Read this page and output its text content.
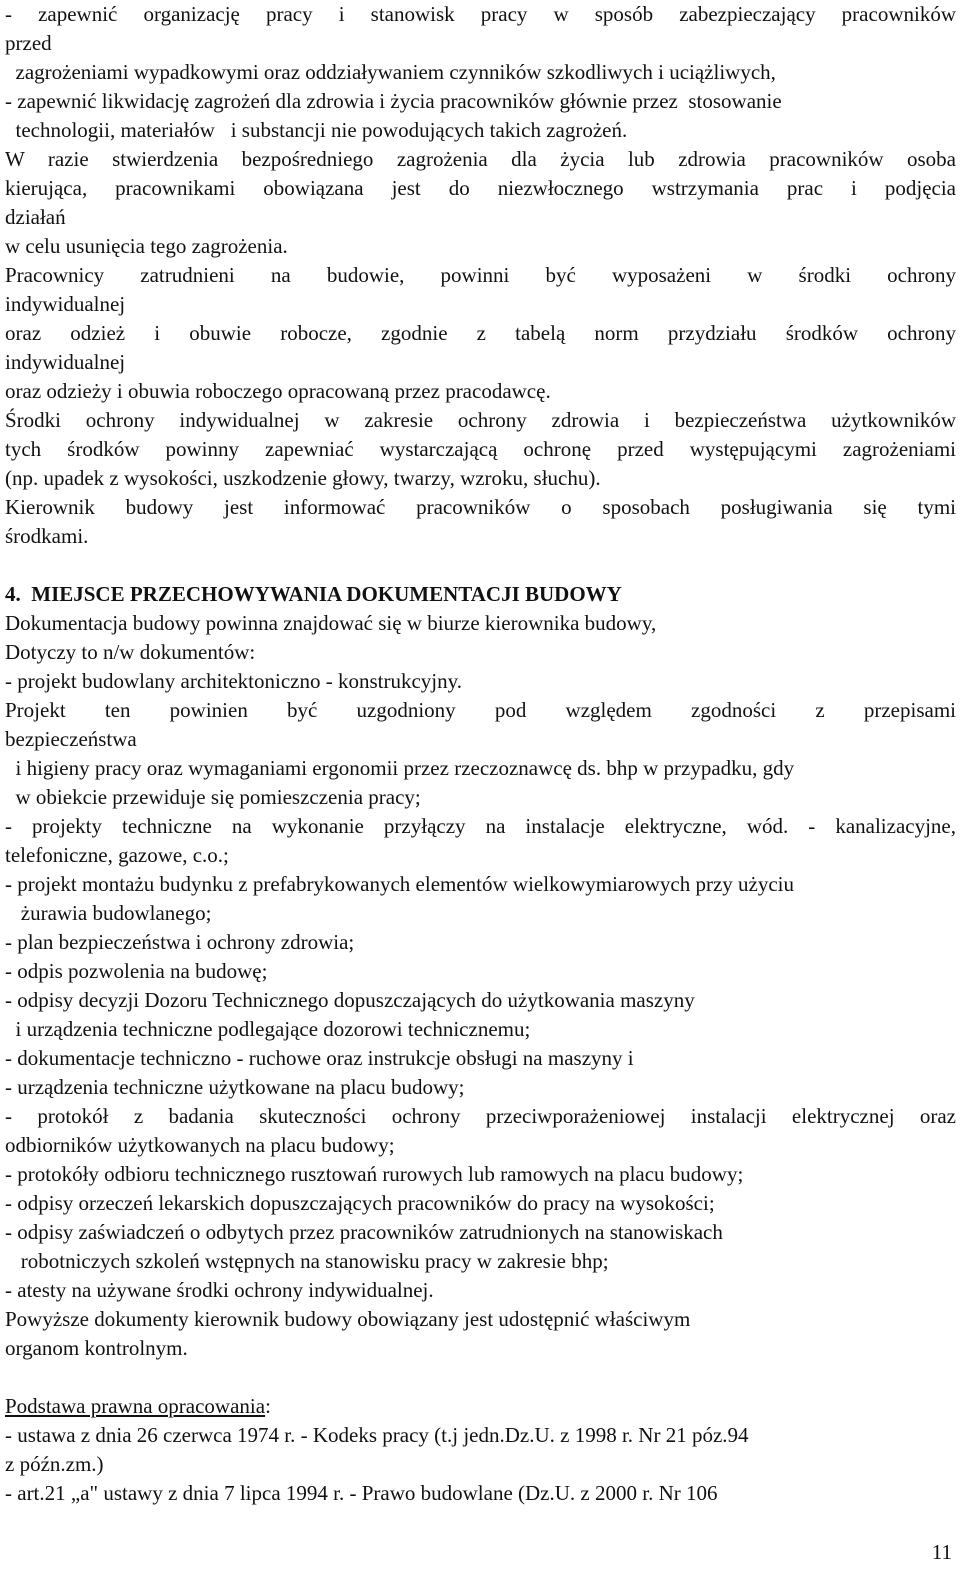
- zapewnić organizację pracy i stanowisk pracy w sposób zabezpieczający pracowników
przed
zagrożeniami wypadkowymi oraz oddziaływaniem czynników szkodliwych i uciążliwych,
- zapewnić likwidację zagrożeń dla zdrowia i życia pracowników głównie przez  stosowanie
technologii, materiałów   i substancji nie powodujących takich zagrożeń.
W razie stwierdzenia bezpośredniego zagrożenia dla życia lub zdrowia pracowników osoba
kierująca, pracownikami obowiązana jest do niezwłocznego wstrzymania prac i podjęcia
działań
w celu usunięcia tego zagrożenia.
Pracownicy zatrudnieni na budowie, powinni być wyposażeni w środki ochrony
indywidualnej
oraz odzież i obuwie robocze, zgodnie z tabelą norm przydziału środków ochrony
indywidualnej
oraz odzieży i obuwia roboczego opracowaną przez pracodawcę.
Środki ochrony indywidualnej w zakresie ochrony zdrowia i bezpieczeństwa użytkowników
tych środków powinny zapewniać wystarczającą ochronę przed występującymi zagrożeniami
(np. upadek z wysokości, uszkodzenie głowy, twarzy, wzroku, słuchu).
Kierownik budowy jest informować pracowników o sposobach posługiwania się tymi
środkami.
4.  MIEJSCE PRZECHOWYWANIA DOKUMENTACJI BUDOWY
Dokumentacja budowy powinna znajdować się w biurze kierownika budowy,
Dotyczy to n/w dokumentów:
- projekt budowlany architektoniczno - konstrukcyjny.
Projekt ten powinien być uzgodniony pod względem zgodności z przepisami
bezpieczeństwa
i higieny pracy oraz wymaganiami ergonomii przez rzeczoznawcę ds. bhp w przypadku, gdy
w obiekcie przewiduje się pomieszczenia pracy;
- projekty techniczne na wykonanie przyłączy na instalacje elektryczne, wód. - kanalizacyjne,
telefoniczne, gazowe, c.o.;
- projekt montażu budynku z prefabrykowanych elementów wielkowymiarowych przy użyciu
żurawia budowlanego;
- plan bezpieczeństwa i ochrony zdrowia;
- odpis pozwolenia na budowę;
- odpisy decyzji Dozoru Technicznego dopuszczających do użytkowania maszyny
i urządzenia techniczne podlegające dozorowi technicznemu;
- dokumentacje techniczno - ruchowe oraz instrukcje obsługi na maszyny i
- urządzenia techniczne użytkowane na placu budowy;
- protokół z badania skuteczności ochrony przeciwporażeniowej instalacji elektrycznej oraz
odbiorników użytkowanych na placu budowy;
- protokóły odbioru technicznego rusztowań rurowych lub ramowych na placu budowy;
- odpisy orzeczeń lekarskich dopuszczających pracowników do pracy na wysokości;
- odpisy zaświadczeń o odbytych przez pracowników zatrudnionych na stanowiskach
robotniczych szkoleń wstępnych na stanowisku pracy w zakresie bhp;
- atesty na używane środki ochrony indywidualnej.
Powyższe dokumenty kierownik budowy obowiązany jest udostępnić właściwym
organom kontrolnym.
Podstawa prawna opracowania:
- ustawa z dnia 26 czerwca 1974 r. - Kodeks pracy (t.j jedn.Dz.U. z 1998 r. Nr 21 póz.94
z późn.zm.)
- art.21 „a" ustawy z dnia 7 lipca 1994 r. - Prawo budowlane (Dz.U. z 2000 r. Nr 106
11
